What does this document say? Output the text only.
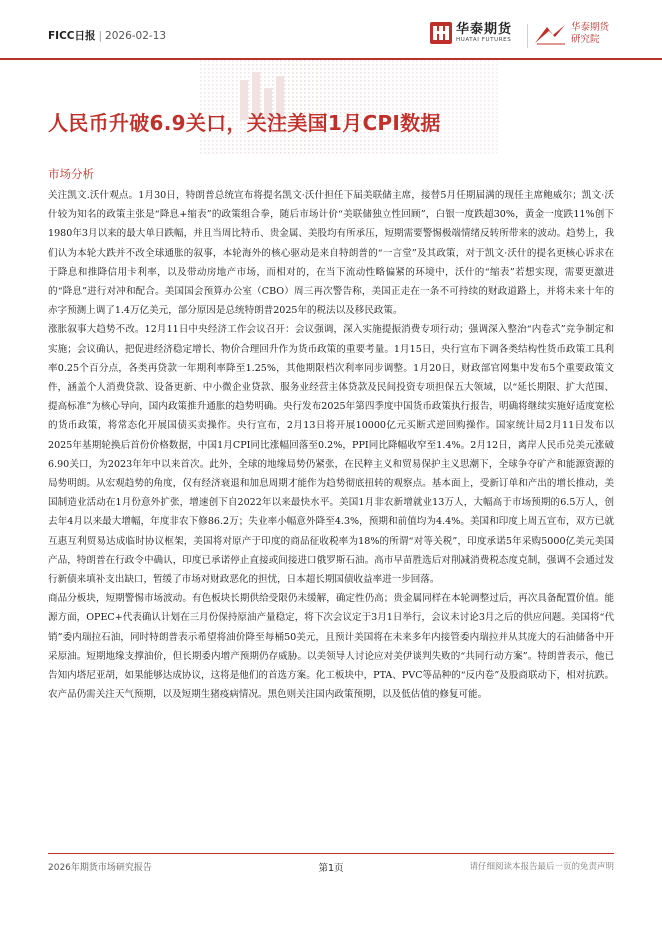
FICC日报 | 2026-02-13	华泰期货
HUATAI FUTURES
华泰期货
研究院
人民币升破6.9关口，关注美国1月CPI数据
市场分析

关注凯文.沃什观点。1月30日，特朗普总统宣布将提名凯文·沃什担任下届美联储主席，接替5月任期届满的现任主席鲍威尔；凯文·沃什较为知名的政策主张是“降息+缩表”的政策组合拳，随后市场计价“美联储独立性回顾”，白银一度跌超30%，黄金一度跌11%创下1980年3月以来的最大单日跌幅，并且当周比特币、贵金属、美股均有所承压，短期需要警惕极端情绪反转所带来的波动。趋势上，我们认为本轮大跌并不改全球通胀的叙事，本轮海外的核心驱动是来自特朗普的“一言堂”及其政策，对于凯文·沃什的提名更核心诉求在于降息和推降信用卡利率，以及带动房地产市场，而相对的，在当下流动性略偏紧的环境中，沃什的“缩表”若想实现，需要更激进的“降息”进行对冲和配合。美国国会预算办公室（CBO）周三再次警告称，美国正走在一条不可持续的财政道路上，并将未来十年的赤字预测上调了1.4万亿美元，部分原因是总统特朗普2025年的税法以及移民政策。

涨胀叙事大趋势不改。12月11日中央经济工作会议召开：会议强调，深入实施提振消费专项行动；强调深入整治“内卷式”竞争制定和实施；会议确认，把促进经济稳定增长、物价合理回升作为货币政策的重要考量。1月15日，央行宣布下调各类结构性货币政策工具利率0.25个百分点，各类再贷款一年期利率降至1.25%，其他期限档次利率同步调整。1月20日，财政部官网集中发布5个重要政策文件，涵盖个人消费贷款、设备更新、中小微企业贷款、服务业经营主体贷款及民间投资专项担保五大领域，以“延长期限、扩大范围、提高标准”为核心导向，国内政策推升通胀的趋势明确。央行发布2025年第四季度中国货币政策执行报告，明确将继续实施好适度宽松的货币政策，将常态化开展国债买卖操作。央行宣布，2月13日将开展10000亿元买断式逆回购操作。国家统计局2月11日发布以2025年基期轮换后首份价格数据，中国1月CPI同比涨幅回落至0.2%，PPI同比降幅收窄至1.4%。2月12日，离岸人民币兑美元涨破6.90关口，为2023年年中以来首次。此外，全球的地缘局势仍紧张，在民粹主义和贸易保护主义思潮下，全球争夺矿产和能源资源的局势明朗。从宏观趋势的角度，仅有经济衰退和加息周期才能作为趋势彻底扭转的观察点。基本面上，受新订单和产出的增长推动，美国制造业活动在1月份意外扩张，增速创下自2022年以来最快水平。美国1月非农新增就业13万人，大幅高于市场预期的6.5万人，创去年4月以来最大增幅，年度非农下修86.2万；失业率小幅意外降至4.3%，预期和前值均为4.4%。美国和印度上周五宣布，双方已就互惠互利贸易达成临时协议框架，美国将对原产于印度的商品征收税率为18%的所谓“对等关税”，印度承诺5年采购5000亿美元美国产品，特朗普在行政令中确认，印度已承诺停止直接或间接进口俄罗斯石油。高市早苗胜选后对削减消费税态度克制，强调不会通过发行新债来填补支出缺口，暂缓了市场对财政恶化的担忧，日本超长期国债收益率进一步回落。

商品分板块，短期警惕市场波动。有色板块长期供给受限仍未缓解，确定性仍高；贵金属同样在本轮调整过后，再次具备配置价值。能源方面，OPEC+代表确认计划在三月份保持原油产量稳定，将下次会议定于3月1日举行，会议未讨论3月之后的供应问题。美国将“代销”委内瑞拉石油，同时特朗普表示希望将油价降至每桶50美元，且预计美国将在未来多年内接管委内瑞拉并从其庞大的石油储备中开采原油。短期地缘支撑油价，但长期委内增产预期仍存威胁。以美领导人讨论应对美伊谈判失败的“共同行动方案”。特朗普表示，他已告知内塔尼亚胡，如果能够达成协议，这将是他们的首选方案。化工板块中，PTA、PVC等品种的“反内卷”及股商联动下，相对抗跌。农产品仍需关注天气预期，以及短期生猪疫病情况。黑色则关注国内政策预期，以及低估值的修复可能。

2026年期货市场研究报告	第1页	请仔细阅读本报告最后一页的免责声明
